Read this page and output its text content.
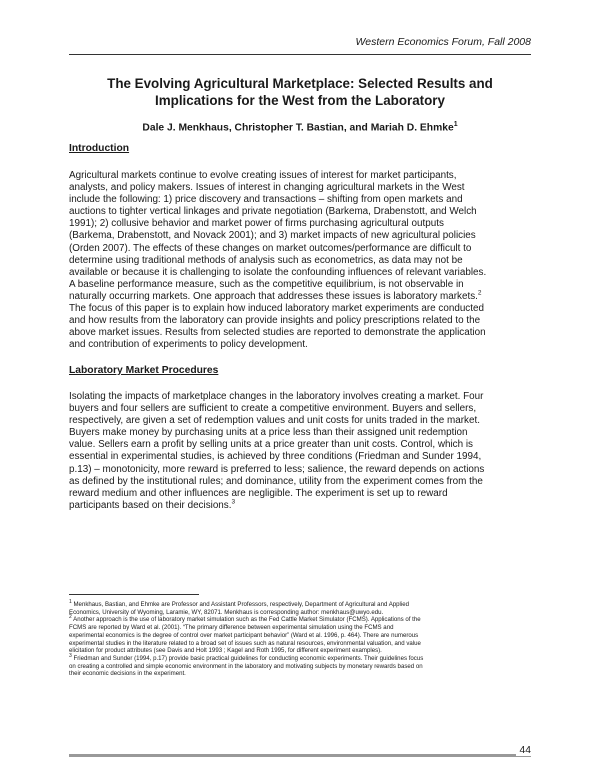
Western Economics Forum, Fall 2008
The Evolving Agricultural Marketplace: Selected Results and
Implications for the West from the Laboratory
Dale J. Menkhaus, Christopher T. Bastian, and Mariah D. Ehmke$^1$
Introduction
Agricultural markets continue to evolve creating issues of interest for market participants,
analysts, and policy makers. Issues of interest in changing agricultural markets in the West
include the following: 1) price discovery and transactions – shifting from open markets and
auctions to tighter vertical linkages and private negotiation (Barkema, Drabenstott, and Welch
1991); 2) collusive behavior and market power of firms purchasing agricultural outputs
(Barkema, Drabenstott, and Novack 2001); and 3) market impacts of new agricultural policies
(Orden 2007). The effects of these changes on market outcomes/performance are difficult to
determine using traditional methods of analysis such as econometrics, as data may not be
available or because it is challenging to isolate the confounding influences of relevant variables.
A baseline performance measure, such as the competitive equilibrium, is not observable in
naturally occurring markets. One approach that addresses these issues is laboratory markets.$^2$
The focus of this paper is to explain how induced laboratory market experiments are conducted
and how results from the laboratory can provide insights and policy prescriptions related to the
above market issues. Results from selected studies are reported to demonstrate the application
and contribution of experiments to policy development.
Laboratory Market Procedures
Isolating the impacts of marketplace changes in the laboratory involves creating a market. Four
buyers and four sellers are sufficient to create a competitive environment. Buyers and sellers,
respectively, are given a set of redemption values and unit costs for units traded in the market.
Buyers make money by purchasing units at a price less than their assigned unit redemption
value. Sellers earn a profit by selling units at a price greater than unit costs. Control, which is
essential in experimental studies, is achieved by three conditions (Friedman and Sunder 1994,
p.13) – monotonicity, more reward is preferred to less; salience, the reward depends on actions
as defined by the institutional rules; and dominance, utility from the experiment comes from the
reward medium and other influences are negligible. The experiment is set up to reward
participants based on their decisions.$^3$
$^1$ Menkhaus, Bastian, and Ehmke are Professor and Assistant Professors, respectively, Department of Agricultural and Applied
Economics, University of Wyoming, Laramie, WY, 82071. Menkhaus is corresponding author: menkhaus@uwyo.edu.
$^2$ Another approach is the use of laboratory market simulation such as the Fed Cattle Market Simulator (FCMS). Applications of the
FCMS are reported by Ward et al. (2001). “The primary difference between experimental simulation using the FCMS and
experimental economics is the degree of control over market participant behavior” (Ward et al. 1996, p. 464). There are numerous
experimental studies in the literature related to a broad set of issues such as natural resources, environmental valuation, and value
elicitation for product attributes (see Davis and Holt 1993 ; Kagel and Roth 1995, for different experiment examples).
$^3$ Friedman and Sunder (1994, p.17) provide basic practical guidelines for conducting economic experiments. Their guidelines focus
on creating a controlled and simple economic environment in the laboratory and motivating subjects by monetary rewards based on
their economic decisions in the experiment.
44
